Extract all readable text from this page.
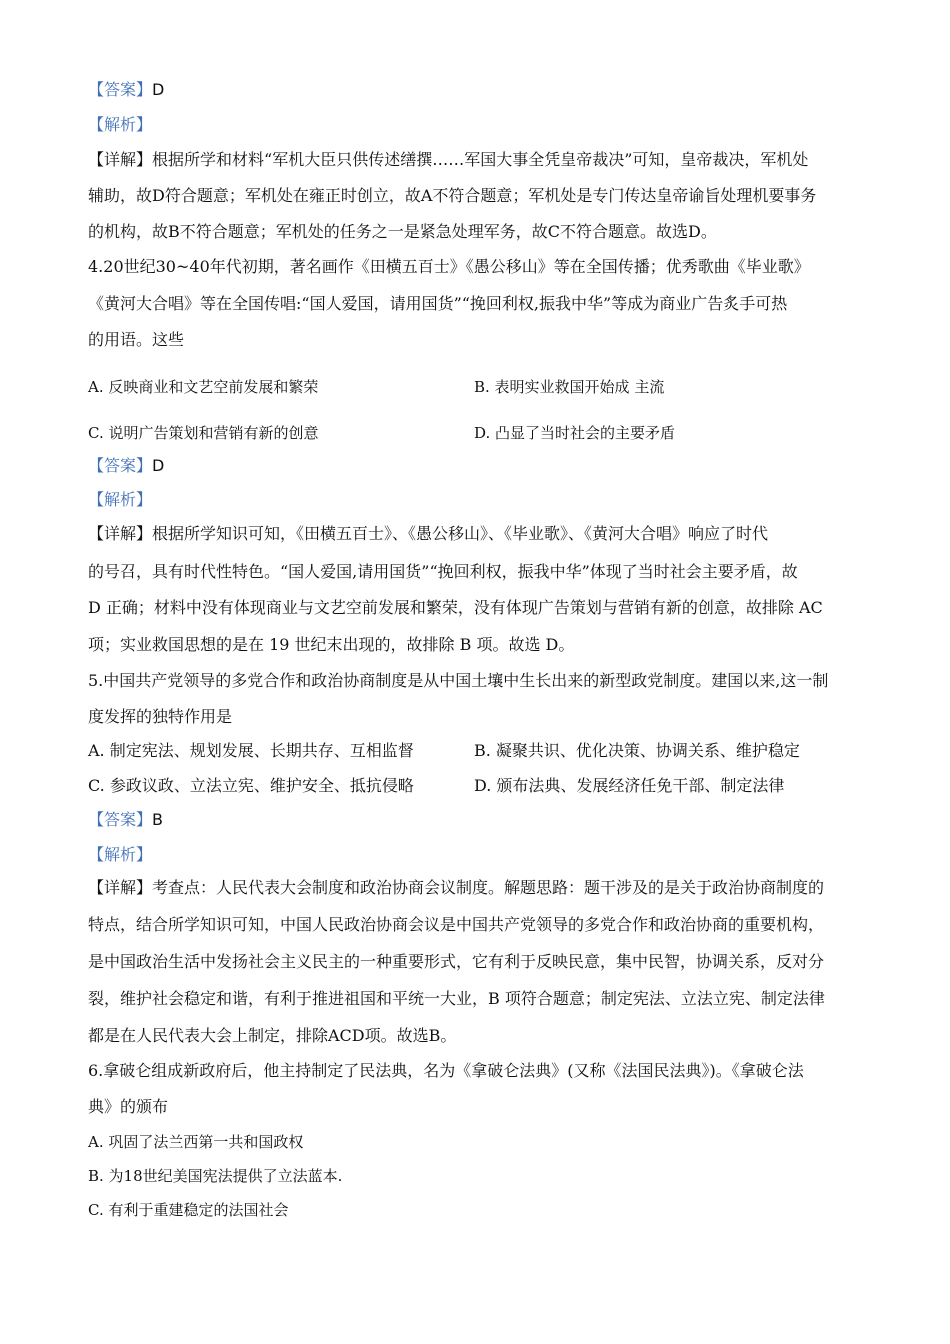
【答案】D
【解析】
【详解】根据所学和材料“军机大臣只供传述缮撰……军国大事全凭皇帝裁决”可知，皇帝裁决，军机处
辅助，故D符合题意；军机处在雍正时创立，故A不符合题意；军机处是专门传达皇帝谕旨处理机要事务
的机构，故B不符合题意；军机处的任务之一是紧急处理军务，故C不符合题意。故选D。
4.20世纪30~40年代初期，著名画作《田横五百士》《愚公移山》等在全国传播；优秀歌曲《毕业歌》
《黄河大合唱》等在全国传唱:“国人爱国，请用国货”“挽回利权,振我中华”等成为商业广告炙手可热
的用语。这些
A. 反映商业和文艺空前发展和繁荣	B. 表明实业救国开始成 主流
C. 说明广告策划和营销有新的创意	D. 凸显了当时社会的主要矛盾
【答案】D
【解析】
【详解】根据所学知识可知，《田横五百士》、《愚公移山》、《毕业歌》、《黄河大合唱》响应了时代
的号召，具有时代性特色。“国人爱国,请用国货”“挽回利权，振我中华”体现了当时社会主要矛盾，故
D 正确；材料中没有体现商业与文艺空前发展和繁荣，没有体现广告策划与营销有新的创意，故排除 AC
项；实业救国思想的是在 19 世纪末出现的，故排除 B 项。故选 D。
5.中国共产党领导的多党合作和政治协商制度是从中国土壤中生长出来的新型政党制度。建国以来,这一制
度发挥的独特作用是
A. 制定宪法、规划发展、长期共存、互相监督	B. 凝聚共识、优化决策、协调关系、维护稳定
C. 参政议政、立法立宪、维护安全、抵抗侵略	D. 颁布法典、发展经济任免干部、制定法律
【答案】B
【解析】
【详解】考查点：人民代表大会制度和政治协商会议制度。解题思路：题干涉及的是关于政治协商制度的
特点，结合所学知识可知，中国人民政治协商会议是中国共产党领导的多党合作和政治协商的重要机构，
是中国政治生活中发扬社会主义民主的一种重要形式，它有利于反映民意，集中民智，协调关系，反对分
裂，维护社会稳定和谐，有利于推进祖国和平统一大业，B 项符合题意；制定宪法、立法立宪、制定法律
都是在人民代表大会上制定，排除ACD项。故选B。
6.拿破仑组成新政府后，他主持制定了民法典，名为《拿破仑法典》(又称《法国民法典》)。《拿破仑法
典》的颁布
A. 巩固了法兰西第一共和国政权
B. 为18世纪美国宪法提供了立法蓝本.
C. 有利于重建稳定的法国社会
